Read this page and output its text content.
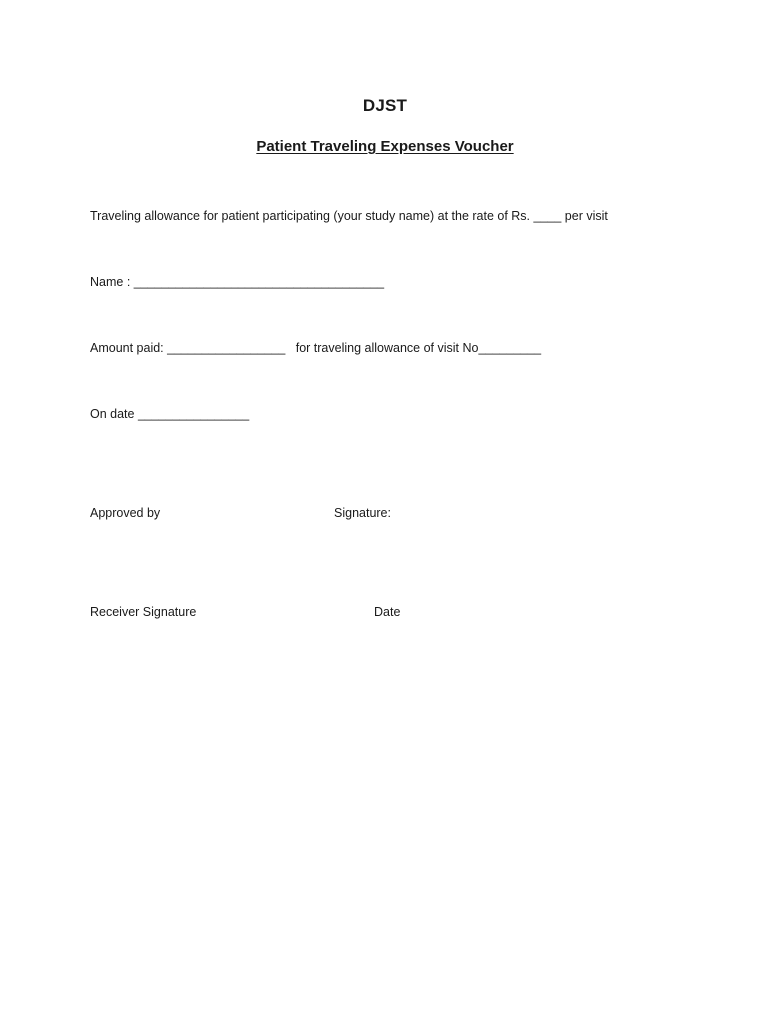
DJST
Patient Traveling Expenses Voucher
Traveling allowance for patient participating (your study name) at the rate of Rs. ____ per visit
Name : ____________________________________
Amount paid: _________________   for traveling allowance of visit No_________
On date ________________
Approved by	Signature:
Receiver Signature	Date
